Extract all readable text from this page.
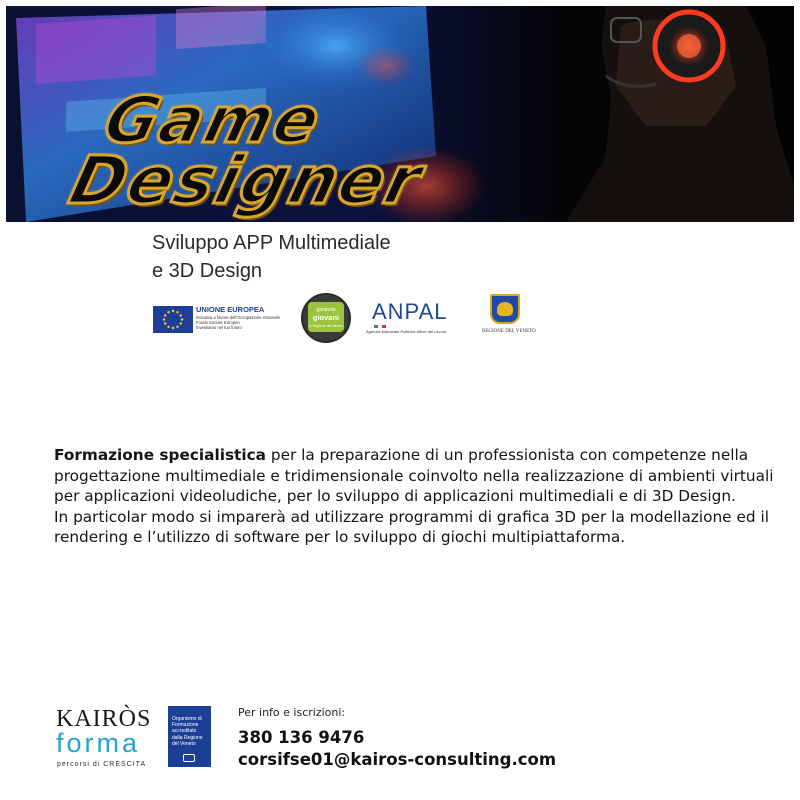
Game
Designer
Sviluppo APP Multimediale
e 3D Design
UNIONE EUROPEA
Iniziativa a favore dell'Occupazione Giovanile
Fondo Sociale Europeo
Investiamo nel tuo futuro
garanzia
giovani
in Regione del Veneto
ANPAL
Agenzia Nazionale Politiche Attive del Lavoro	REGIONE DEL VENETO

Formazione specialistica per la preparazione di un professionista con competenze nella progettazione multimediale e tridimensionale coinvolto nella realizzazione di ambienti virtuali per applicazioni videoludiche, per lo sviluppo di applicazioni multimediali e di 3D Design.

In particolar modo si imparerà ad utilizzare programmi di grafica 3D per la modellazione ed il rendering e l’utilizzo di software per lo sviluppo di giochi multipiattaforma.

KAIRÒS
forma
percorsi di CRESCITA
Organismo di Formazione accreditato dalla Regione del Veneto
Per info e iscrizioni:
380 136 9476
corsifse01@kairos-consulting.com
